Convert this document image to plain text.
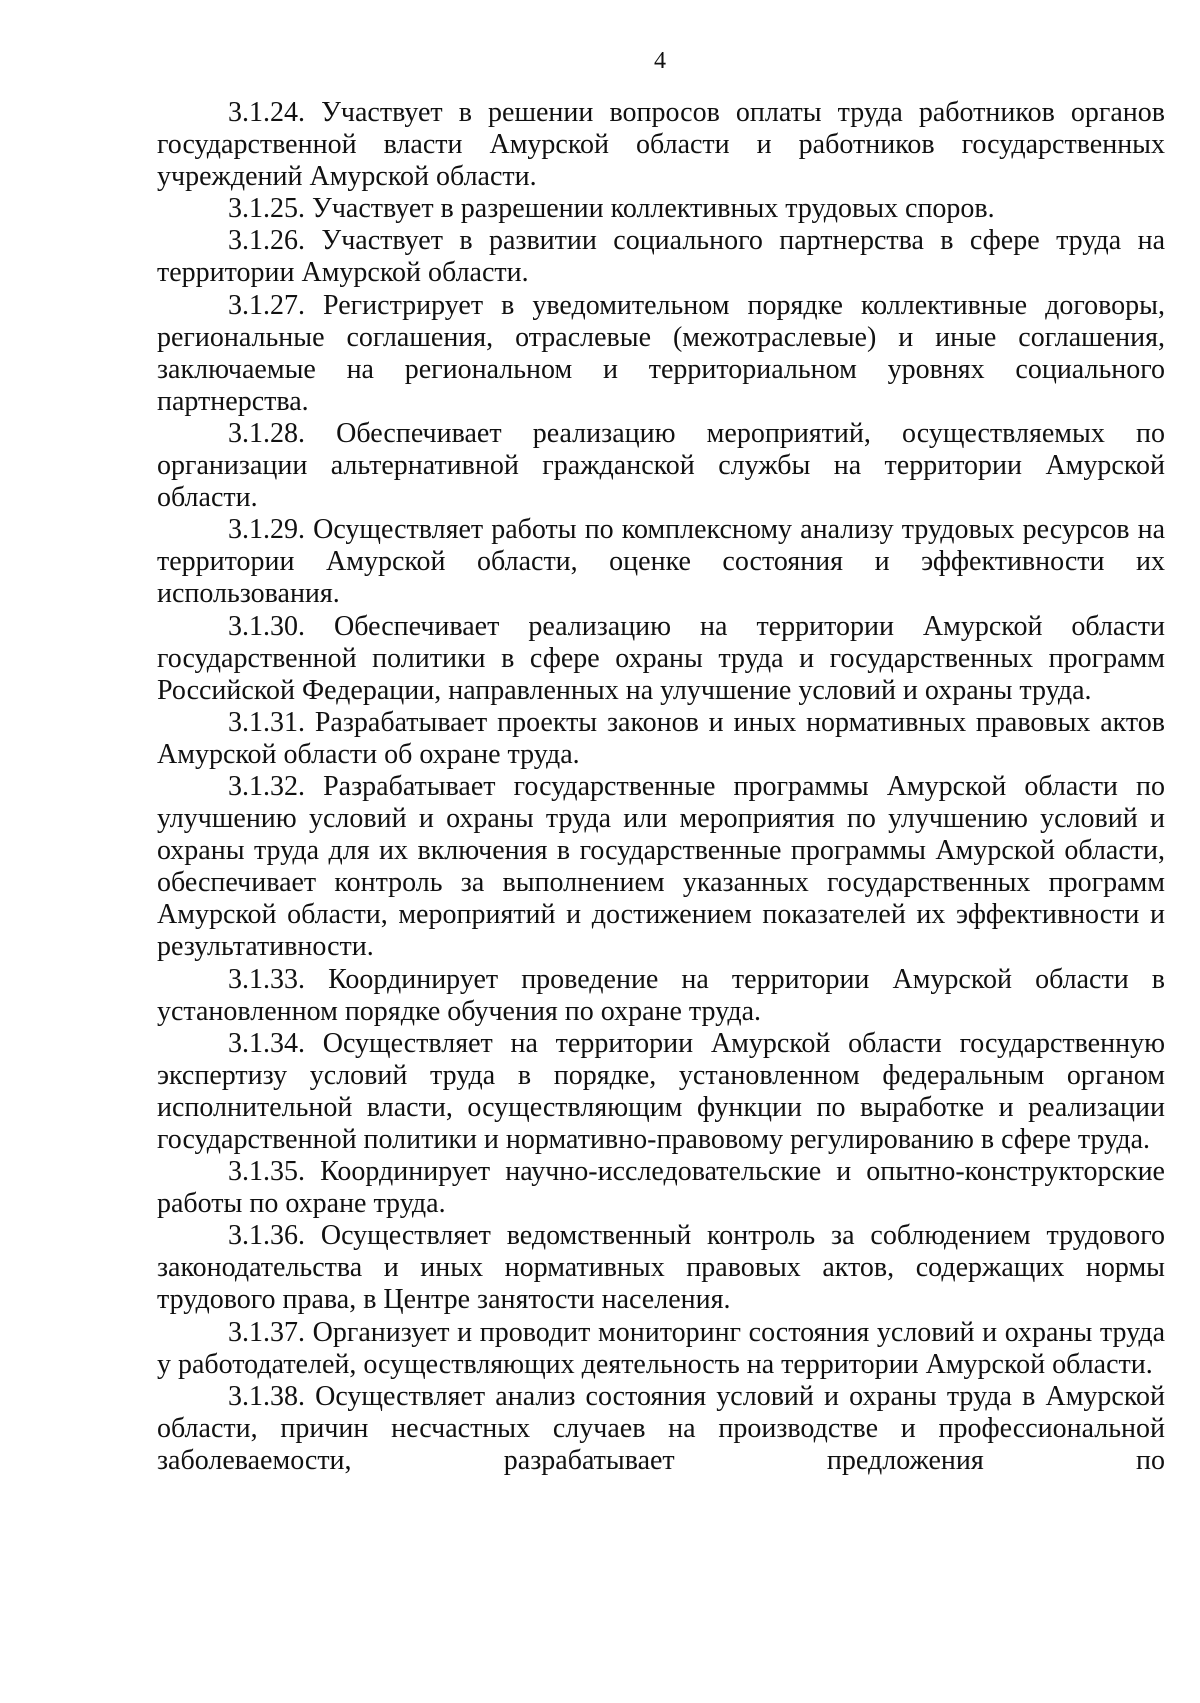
4

3.1.24. Участвует в решении вопросов оплаты труда работников органов государственной власти Амурской области и работников государственных учреждений Амурской области.

3.1.25. Участвует в разрешении коллективных трудовых споров.

3.1.26. Участвует в развитии социального партнерства в сфере труда на территории Амурской области.

3.1.27. Регистрирует в уведомительном порядке коллективные договоры, региональные соглашения, отраслевые (межотраслевые) и иные соглашения, заключаемые на региональном и территориальном уровнях социального партнерства.

3.1.28. Обеспечивает реализацию мероприятий, осуществляемых по организации альтернативной гражданской службы на территории Амурской области.

3.1.29. Осуществляет работы по комплексному анализу трудовых ресурсов на территории Амурской области, оценке состояния и эффективности их использования.

3.1.30. Обеспечивает реализацию на территории Амурской области государственной политики в сфере охраны труда и государственных программ Российской Федерации, направленных на улучшение условий и охраны труда.

3.1.31. Разрабатывает проекты законов и иных нормативных правовых актов Амурской области об охране труда.

3.1.32. Разрабатывает государственные программы Амурской области по улучшению условий и охраны труда или мероприятия по улучшению условий и охраны труда для их включения в государственные программы Амурской области, обеспечивает контроль за выполнением указанных государственных программ Амурской области, мероприятий и достижением показателей их эффективности и результативности.

3.1.33. Координирует проведение на территории Амурской области в установленном порядке обучения по охране труда.

3.1.34. Осуществляет на территории Амурской области государственную экспертизу условий труда в порядке, установленном федеральным органом исполнительной власти, осуществляющим функции по выработке и реализации государственной политики и нормативно-правовому регулированию в сфере труда.

3.1.35. Координирует научно-исследовательские и опытно-конструкторские работы по охране труда.

3.1.36. Осуществляет ведомственный контроль за соблюдением трудового законодательства и иных нормативных правовых актов, содержащих нормы трудового права, в Центре занятости населения.

3.1.37. Организует и проводит мониторинг состояния условий и охраны труда у работодателей, осуществляющих деятельность на территории Амурской области.

3.1.38. Осуществляет анализ состояния условий и охраны труда в Амурской области, причин несчастных случаев на производстве и профессиональной заболеваемости, разрабатывает предложения по
